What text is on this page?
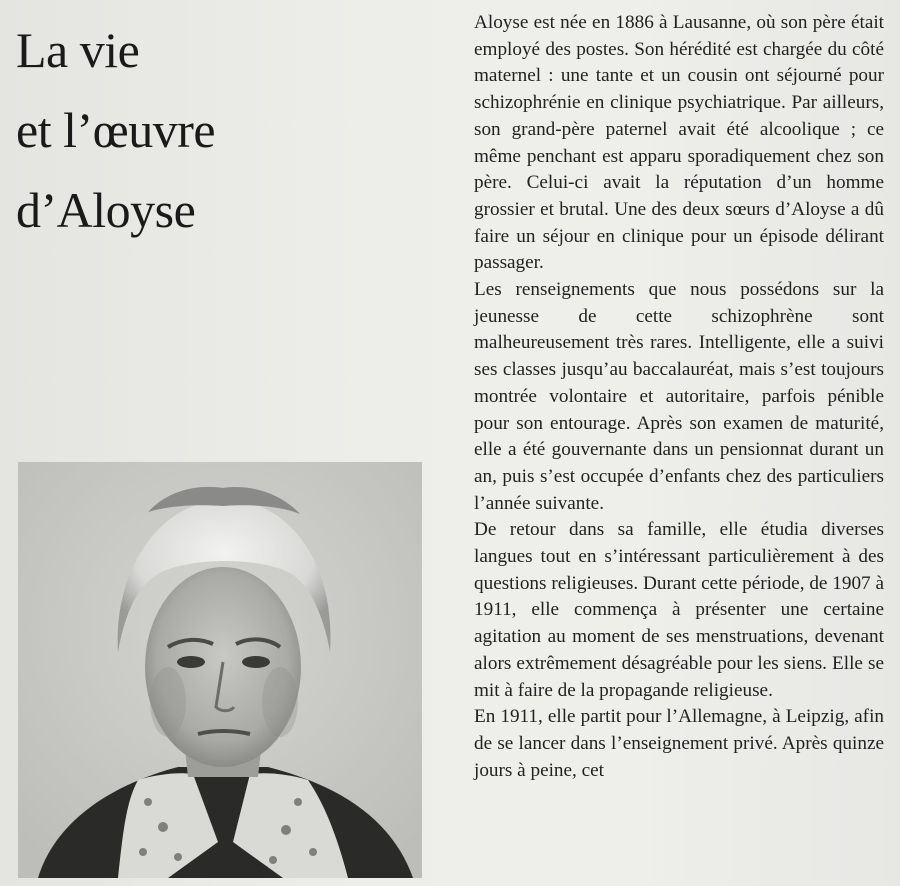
La vie
et l’œuvre
d’Aloyse

Aloyse est née en 1886 à Lausanne, où son père était employé des postes. Son hérédité est chargée du côté maternel : une tante et un cousin ont séjourné pour schizophrénie en clinique psychiatrique. Par ailleurs, son grand-père paternel avait été alcoolique ; ce même penchant est apparu sporadiquement chez son père. Celui-ci avait la réputation d’un homme grossier et brutal. Une des deux sœurs d’Aloyse a dû faire un séjour en clinique pour un épisode délirant passager.

Les renseignements que nous possédons sur la jeunesse de cette schizophrène sont malheureusement très rares. Intelligente, elle a suivi ses classes jusqu’au baccalauréat, mais s’est toujours montrée volontaire et autoritaire, parfois pénible pour son entourage. Après son examen de maturité, elle a été gouvernante dans un pensionnat durant un an, puis s’est occupée d’enfants chez des particuliers l’année suivante.

De retour dans sa famille, elle étudia diverses langues tout en s’intéressant particulièrement à des questions religieuses. Durant cette période, de 1907 à 1911, elle commença à présenter une certaine agitation au moment de ses menstruations, devenant alors extrêmement désagréable pour les siens. Elle se mit à faire de la propagande religieuse.

En 1911, elle partit pour l’Allemagne, à Leipzig, afin de se lancer dans l’enseignement privé. Après quinze jours à peine, cet
